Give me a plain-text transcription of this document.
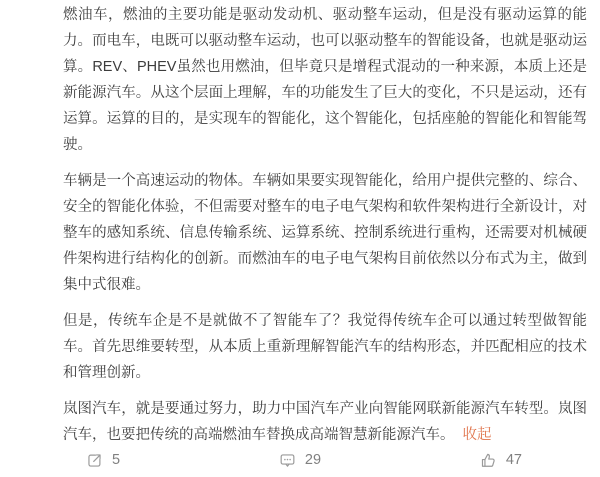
燃油车，燃油的主要功能是驱动发动机、驱动整车运动，但是没有驱动运算的能力。而电车，电既可以驱动整车运动，也可以驱动整车的智能设备，也就是驱动运算。REV、PHEV虽然也用燃油，但毕竟只是增程式混动的一种来源，本质上还是新能源汽车。从这个层面上理解，车的功能发生了巨大的变化，不只是运动，还有运算。运算的目的，是实现车的智能化，这个智能化，包括座舱的智能化和智能驾驶。

车辆是一个高速运动的物体。车辆如果要实现智能化，给用户提供完整的、综合、安全的智能化体验，不但需要对整车的电子电气架构和软件架构进行全新设计，对整车的感知系统、信息传输系统、运算系统、控制系统进行重构，还需要对机械硬件架构进行结构化的创新。而燃油车的电子电气架构目前依然以分布式为主，做到集中式很难。

但是，传统车企是不是就做不了智能车了？我觉得传统车企可以通过转型做智能车。首先思维要转型，从本质上重新理解智能汽车的结构形态，并匹配相应的技术和管理创新。

岚图汽车，就是要通过努力，助力中国汽车产业向智能网联新能源汽车转型。岚图汽车，也要把传统的高端燃油车替换成高端智慧新能源汽车。 收起

5	29	47
